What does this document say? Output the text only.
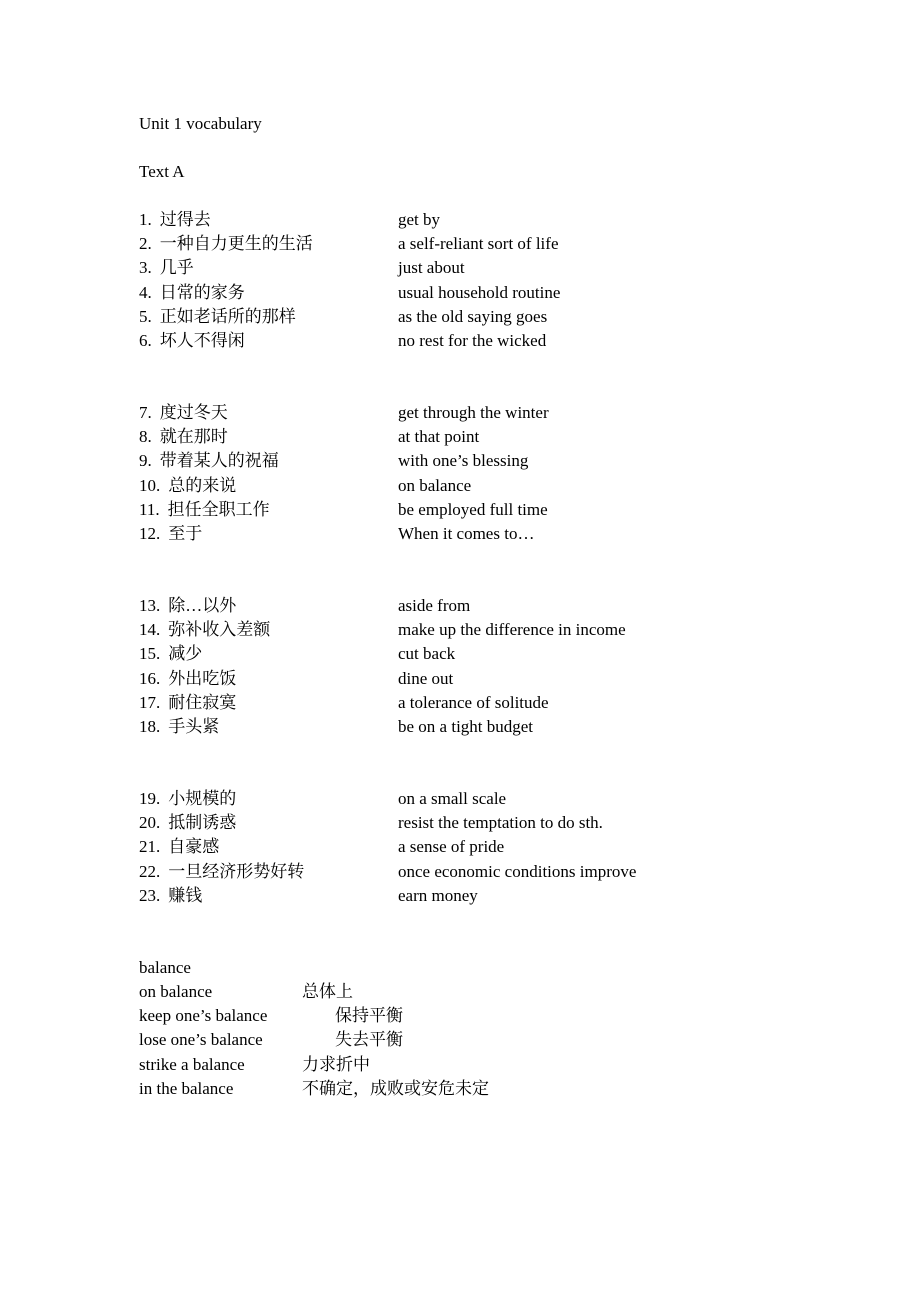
Unit 1 vocabulary
Text A
1. 过得去	get by
2. 一种自力更生的生活	a self-reliant sort of life
3. 几乎	just about
4. 日常的家务	usual household routine
5. 正如老话所的那样	as the old saying goes
6. 坏人不得闲	no rest for the wicked
7. 度过冬天	get through the winter
8. 就在那时	at that point
9. 带着某人的祝福	with one’s blessing
10. 总的来说	on balance
11. 担任全职工作	be employed full time
12. 至于	When it comes to…
13. 除…以外	aside from
14. 弥补收入差额	make up the difference in income
15. 减少	cut back
16. 外出吃饭	dine out
17. 耐住寂寞	a tolerance of solitude
18. 手头紧	be on a tight budget
19. 小规模的	on a small scale
20. 抵制诱惑	resist the temptation to do sth.
21. 自豪感	a sense of pride
22. 一旦经济形势好转	once economic conditions improve
23. 赚钱	earn money
balance
on balance	总体上
keep one’s balance	保持平衡
lose one’s balance	失去平衡
strike a balance	力求折中
in the balance	不确定，成败或安危未定
